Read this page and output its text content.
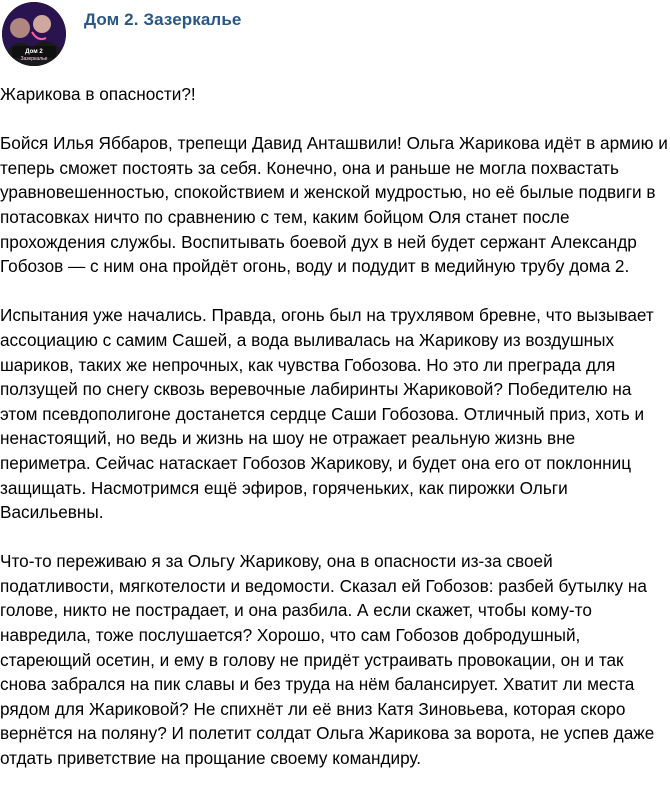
Дом 2
Зазеркалье
Дом 2. Зазеркалье
Жарикова в опасности?!
Бойся Илья Яббаров, трепещи Давид Анташвили! Ольга Жарикова идёт в армию и
теперь сможет постоять за себя. Конечно, она и раньше не могла похвастать
уравновешенностью, спокойствием и женской мудростью, но её былые подвиги в
потасовках ничто по сравнению с тем, каким бойцом Оля станет после
прохождения службы. Воспитывать боевой дух в ней будет сержант Александр
Гобозов — с ним она пройдёт огонь, воду и подудит в медийную трубу дома 2.
Испытания уже начались. Правда, огонь был на трухлявом бревне, что вызывает
ассоциацию с самим Сашей, а вода выливалась на Жарикову из воздушных
шариков, таких же непрочных, как чувства Гобозова. Но это ли преграда для
ползущей по снегу сквозь веревочные лабиринты Жариковой? Победителю на
этом псевдополигоне достанется сердце Саши Гобозова. Отличный приз, хоть и
ненастоящий, но ведь и жизнь на шоу не отражает реальную жизнь вне
периметра. Сейчас натаскает Гобозов Жарикову, и будет она его от поклонниц
защищать. Насмотримся ещё эфиров, горяченьких, как пирожки Ольги
Васильевны.
Что-то переживаю я за Ольгу Жарикову, она в опасности из-за своей
податливости, мягкотелости и ведомости. Сказал ей Гобозов: разбей бутылку на
голове, никто не пострадает, и она разбила. А если скажет, чтобы кому-то
навредила, тоже послушается? Хорошо, что сам Гобозов добродушный,
стареющий осетин, и ему в голову не придёт устраивать провокации, он и так
снова забрался на пик славы и без труда на нём балансирует. Хватит ли места
рядом для Жариковой? Не спихнёт ли её вниз Катя Зиновьева, которая скоро
вернётся на поляну? И полетит солдат Ольга Жарикова за ворота, не успев даже
отдать приветствие на прощание своему командиру.
